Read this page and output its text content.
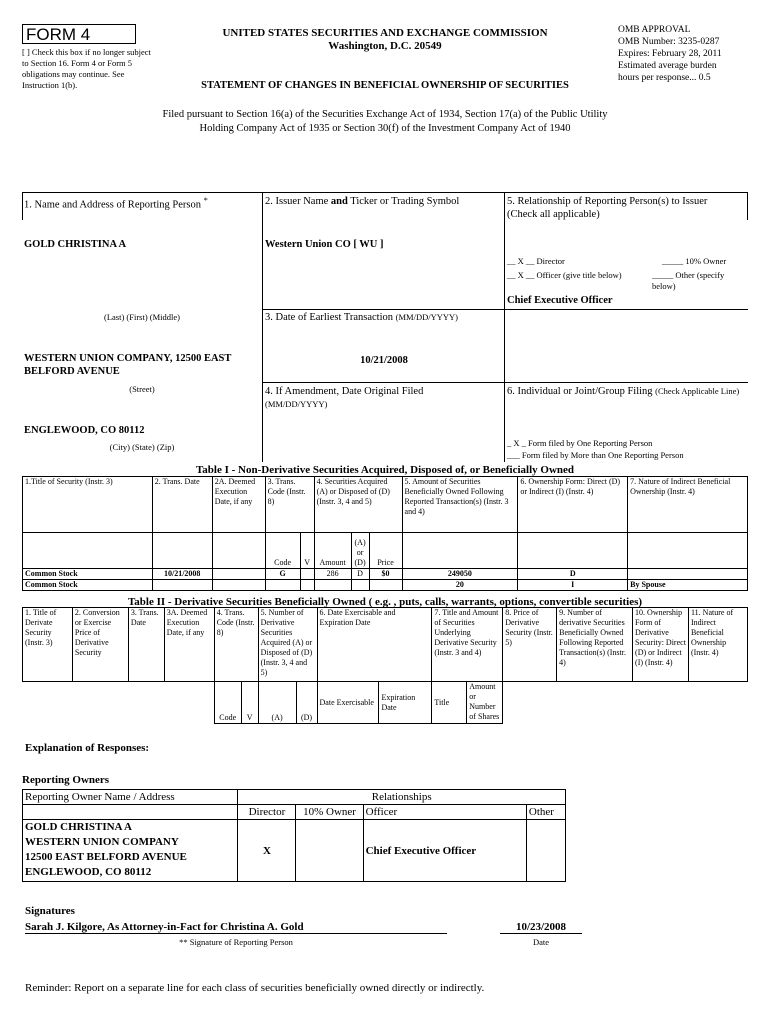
FORM 4
[ ] Check this box if no longer subject to Section 16. Form 4 or Form 5 obligations may continue. See Instruction 1(b).
UNITED STATES SECURITIES AND EXCHANGE COMMISSION
Washington, D.C. 20549
OMB APPROVAL
OMB Number: 3235-0287
Expires: February 28, 2011
Estimated average burden
hours per response... 0.5
STATEMENT OF CHANGES IN BENEFICIAL OWNERSHIP OF SECURITIES
Filed pursuant to Section 16(a) of the Securities Exchange Act of 1934, Section 17(a) of the Public Utility Holding Company Act of 1935 or Section 30(f) of the Investment Company Act of 1940
1. Name and Address of Reporting Person *
GOLD CHRISTINA A
(Last) (First) (Middle)
WESTERN UNION COMPANY, 12500 EAST BELFORD AVENUE
(Street)
ENGLEWOOD, CO 80112
(City) (State) (Zip)
2. Issuer Name and Ticker or Trading Symbol
Western Union CO [ WU ]
3. Date of Earliest Transaction (MM/DD/YYYY)
10/21/2008
4. If Amendment, Date Original Filed
(MM/DD/YYYY)
5. Relationship of Reporting Person(s) to Issuer
(Check all applicable)
__ X __ Director	_____ 10% Owner
__ X __ Officer (give title below)	_____ Other (specify below)
Chief Executive Officer
6. Individual or Joint/Group Filing (Check Applicable Line)
_ X _ Form filed by One Reporting Person
___ Form filed by More than One Reporting Person
Table I - Non-Derivative Securities Acquired, Disposed of, or Beneficially Owned
1.Title of Security (Instr. 3)	2. Trans. Date	2A. Deemed Execution Date, if any	3. Trans. Code (Instr. 8)		4. Securities Acquired (A) or Disposed of (D) (Instr. 3, 4 and 5)			5. Amount of Securities Beneficially Owned Following Reported Transaction(s) (Instr. 3 and 4)	6. Ownership Form: Direct (D) or Indirect (I) (Instr. 4)	7. Nature of Indirect Beneficial Ownership (Instr. 4)
			Code	V	Amount	(A) or (D)	Price			
Common Stock	10/21/2008		G		286	D	$0	249050	D	
Common Stock								20	I	By Spouse
Table II - Derivative Securities Beneficially Owned ( e.g. , puts, calls, warrants, options, convertible securities)
1. Title of Derivate Security (Instr. 3)	2. Conversion or Exercise Price of Derivative Security	3. Trans. Date	3A. Deemed Execution Date, if any	4. Trans. Code (Instr. 8)		5. Number of Derivative Securities Acquired (A) or Disposed of (D) (Instr. 3, 4 and 5)		6. Date Exercisable and Expiration Date		7. Title and Amount of Securities Underlying Derivative Security (Instr. 3 and 4)		8. Price of Derivative Security (Instr. 5)	9. Number of derivative Securities Beneficially Owned Following Reported Transaction(s) (Instr. 4)	10. Ownership Form of Derivative Security: Direct (D) or Indirect (I) (Instr. 4)	11. Nature of Indirect Beneficial Ownership (Instr. 4)
				Code	V	(A)	(D)	Date Exercisable	Expiration Date	Title	Amount or Number of Shares				
Explanation of Responses:
Reporting Owners
Reporting Owner Name / Address	Relationships			
	Director	10% Owner	Officer	Other

GOLD CHRISTINA A
WESTERN UNION COMPANY
12500 EAST BELFORD AVENUE
ENGLEWOOD, CO 80112	X		Chief Executive Officer	
Signatures
Sarah J. Kilgore, As Attorney-in-Fact for Christina A. Gold
** Signature of Reporting Person
10/23/2008
Date
Reminder: Report on a separate line for each class of securities beneficially owned directly or indirectly.
